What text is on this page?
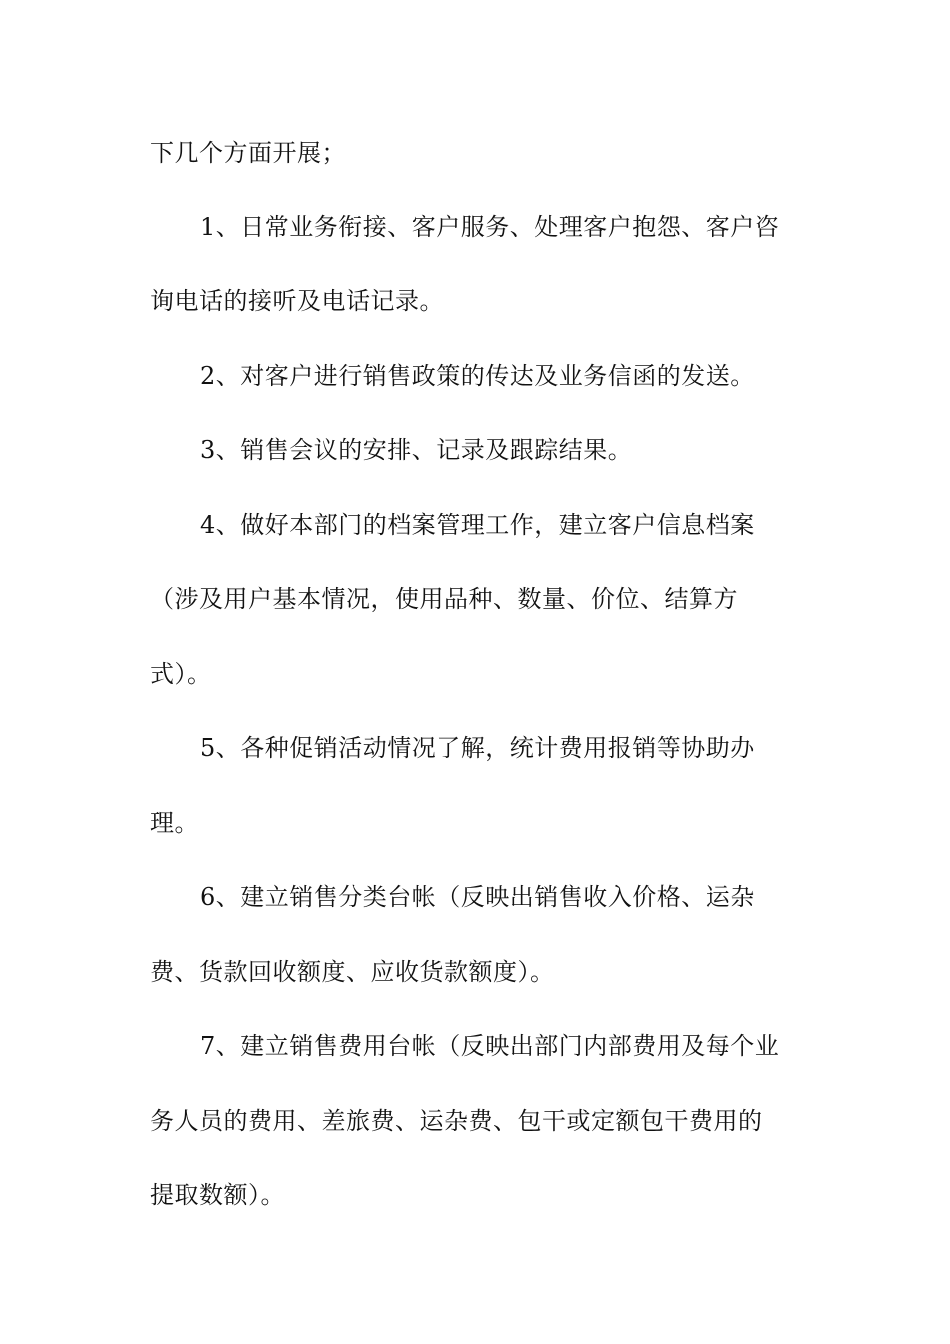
下几个方面开展；
1、日常业务衔接、客户服务、处理客户抱怨、客户咨
询电话的接听及电话记录。
2、对客户进行销售政策的传达及业务信函的发送。
3、销售会议的安排、记录及跟踪结果。
4、做好本部门的档案管理工作，建立客户信息档案
（涉及用户基本情况，使用品种、数量、价位、结算方
式）。
5、各种促销活动情况了解，统计费用报销等协助办
理。
6、建立销售分类台帐（反映出销售收入价格、运杂
费、货款回收额度、应收货款额度）。
7、建立销售费用台帐（反映出部门内部费用及每个业
务人员的费用、差旅费、运杂费、包干或定额包干费用的
提取数额）。
